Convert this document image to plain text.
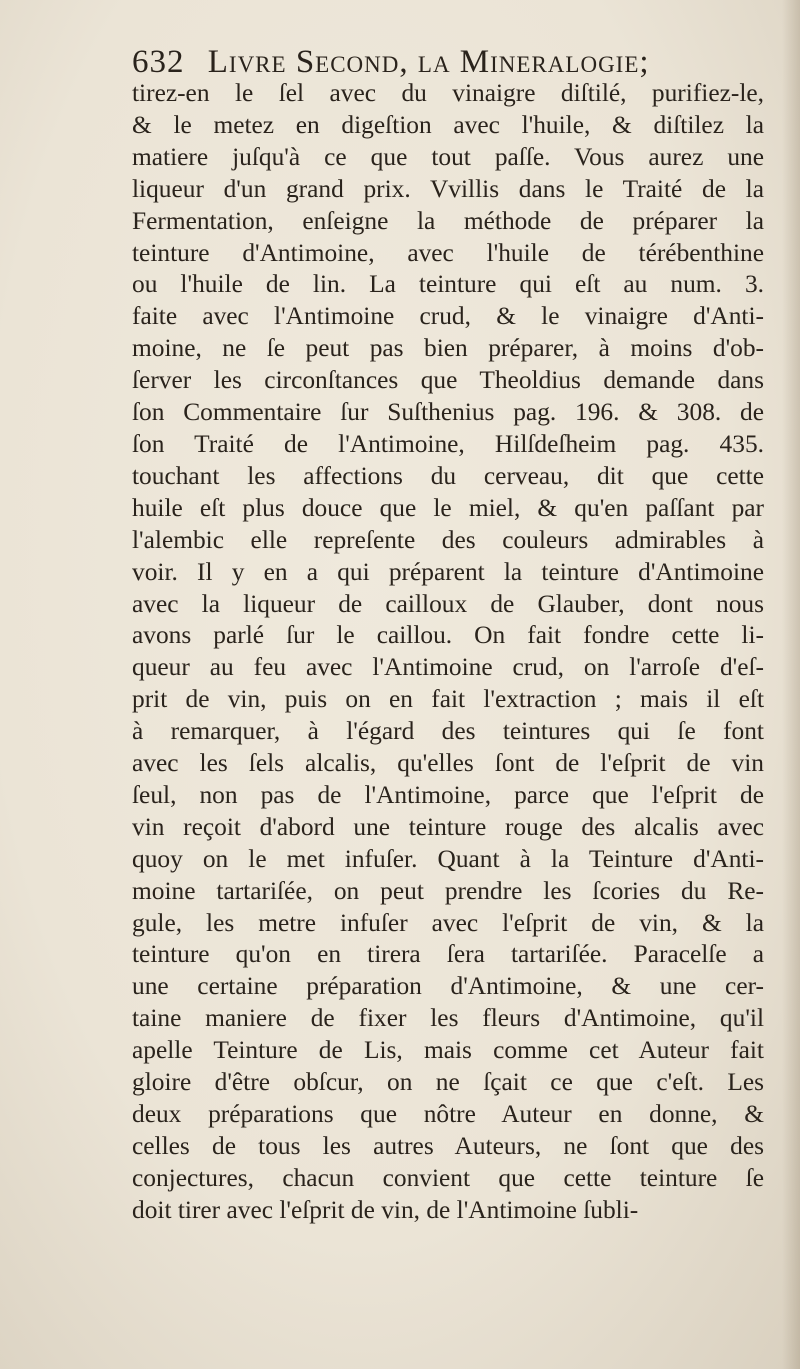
632 Livre Second, la Mineralogie;
tirez-en le ſel avec du vinaigre diſtilé, purifiez-le,
& le metez en digeſtion avec l'huile, & diſtilez la
matiere juſqu'à ce que tout paſſe. Vous aurez une
liqueur d'un grand prix. Vvillis dans le Traité de la
Fermentation, enſeigne la méthode de préparer la
teinture d'Antimoine, avec l'huile de térébenthine
ou l'huile de lin. La teinture qui eſt au num. 3.
faite avec l'Antimoine crud, & le vinaigre d'Anti-
moine, ne ſe peut pas bien préparer, à moins d'ob-
ſerver les circonſtances que Theoldius demande dans
ſon Commentaire ſur Suſthenius pag. 196. & 308. de
ſon Traité de l'Antimoine, Hilſdeſheim pag. 435.
touchant les affections du cerveau, dit que cette
huile eſt plus douce que le miel, & qu'en paſſant par
l'alembic elle repreſente des couleurs admirables à
voir. Il y en a qui préparent la teinture d'Antimoine
avec la liqueur de cailloux de Glauber, dont nous
avons parlé ſur le caillou. On fait fondre cette li-
queur au feu avec l'Antimoine crud, on l'arroſe d'eſ-
prit de vin, puis on en fait l'extraction ; mais il eſt
à remarquer, à l'égard des teintures qui ſe font
avec les ſels alcalis, qu'elles ſont de l'eſprit de vin
ſeul, non pas de l'Antimoine, parce que l'eſprit de
vin reçoit d'abord une teinture rouge des alcalis avec
quoy on le met infuſer. Quant à la Teinture d'Anti-
moine tartariſée, on peut prendre les ſcories du Re-
gule, les metre infuſer avec l'eſprit de vin, & la
teinture qu'on en tirera ſera tartariſée. Paracelſe a
une certaine préparation d'Antimoine, & une cer-
taine maniere de fixer les fleurs d'Antimoine, qu'il
apelle Teinture de Lis, mais comme cet Auteur fait
gloire d'être obſcur, on ne ſçait ce que c'eſt. Les
deux préparations que nôtre Auteur en donne, &
celles de tous les autres Auteurs, ne ſont que des
conjectures, chacun convient que cette teinture ſe
doit tirer avec l'eſprit de vin, de l'Antimoine ſubli-
